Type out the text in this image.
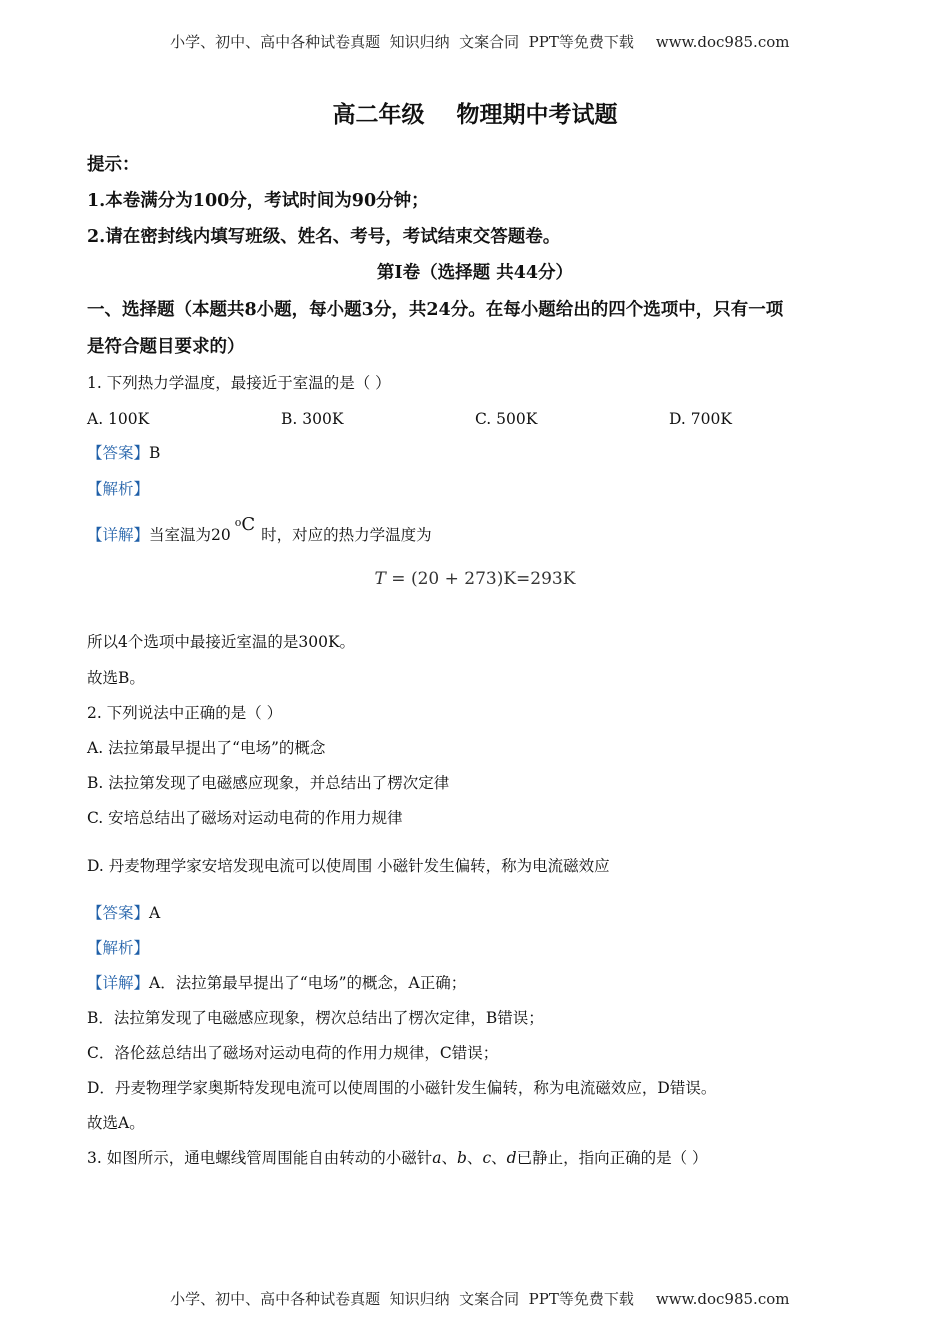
小学、初中、高中各种试卷真题  知识归纳  文案合同  PPT等免费下载 www.doc985.com

高二年级    物理期中考试题
提示：
1.本卷满分为100分，考试时间为90分钟；
2.请在密封线内填写班级、姓名、考号，考试结束交答题卷。
第Ⅰ卷（选择题 共44分）
一、选择题（本题共8小题，每小题3分，共24分。在每小题给出的四个选项中，只有一项
是符合题目要求的）
1. 下列热力学温度，最接近于室温的是（ ）
A. 100K	B. 300K	C. 500K	D. 700K
【答案】B
【解析】
【详解】当室温为20$^o$C 时，对应的热力学温度为
T = (20 + 273)K=293K
所以4个选项中最接近室温的是300K。
故选B。
2. 下列说法中正确的是（ ）
A. 法拉第最早提出了“电场”的概念
B. 法拉第发现了电磁感应现象，并总结出了楞次定律
C. 安培总结出了磁场对运动电荷的作用力规律
D. 丹麦物理学家安培发现电流可以使周围 小磁针发生偏转，称为电流磁效应
【答案】A
【解析】
【详解】A．法拉第最早提出了“电场”的概念，A正确；
B．法拉第发现了电磁感应现象，楞次总结出了楞次定律，B错误；
C．洛伦兹总结出了磁场对运动电荷的作用力规律，C错误；
D．丹麦物理学家奥斯特发现电流可以使周围的小磁针发生偏转，称为电流磁效应，D错误。
故选A。
3. 如图所示，通电螺线管周围能自由转动的小磁针a、b、c、d已静止，指向正确的是（ ）

小学、初中、高中各种试卷真题  知识归纳  文案合同  PPT等免费下载 www.doc985.com
